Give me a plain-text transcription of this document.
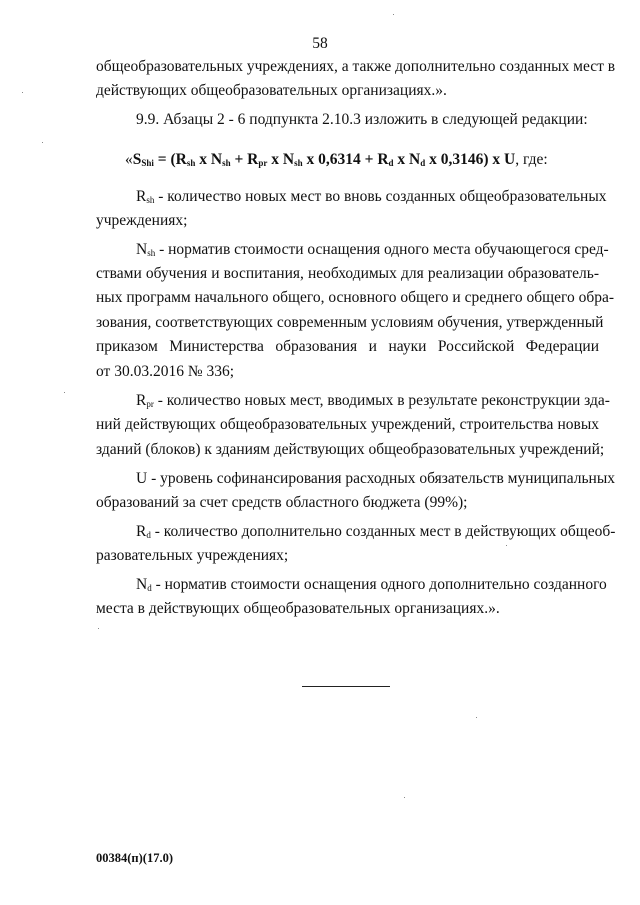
58
общеобразовательных учреждениях, а также дополнительно созданных мест в
действующих общеобразовательных организациях.».
9.9. Абзацы 2 - 6 подпункта 2.10.3 изложить в следующей редакции:
«$S_{Shi} = (R_{sh}$ x $N_{sh} + R_{pr}$ x $N_{sh}$ x $0,6314 + R_d$ x $N_d$ x 0,3146) x U, где:
$R_{sh}$ - количество новых мест во вновь созданных общеобразовательных
учреждениях;
$N_{sh}$ - норматив стоимости оснащения одного места обучающегося сред-
ствами обучения и воспитания, необходимых для реализации образователь-
ных программ начального общего, основного общего и среднего общего обра-
зования, соответствующих современным условиям обучения, утвержденный
приказом Министерства образования и науки Российской Федерации
от 30.03.2016 № 336;
$R_{pr}$ - количество новых мест, вводимых в результате реконструкции зда-
ний действующих общеобразовательных учреждений, строительства новых
зданий (блоков) к зданиям действующих общеобразовательных учреждений;
U - уровень софинансирования расходных обязательств муниципальных
образований за счет средств областного бюджета (99%);
$R_d$ - количество дополнительно созданных мест в действующих общеоб-
разовательных учреждениях;
$N_d$ - норматив стоимости оснащения одного дополнительно созданного
места в действующих общеобразовательных организациях.».
00384(п)(17.0)
